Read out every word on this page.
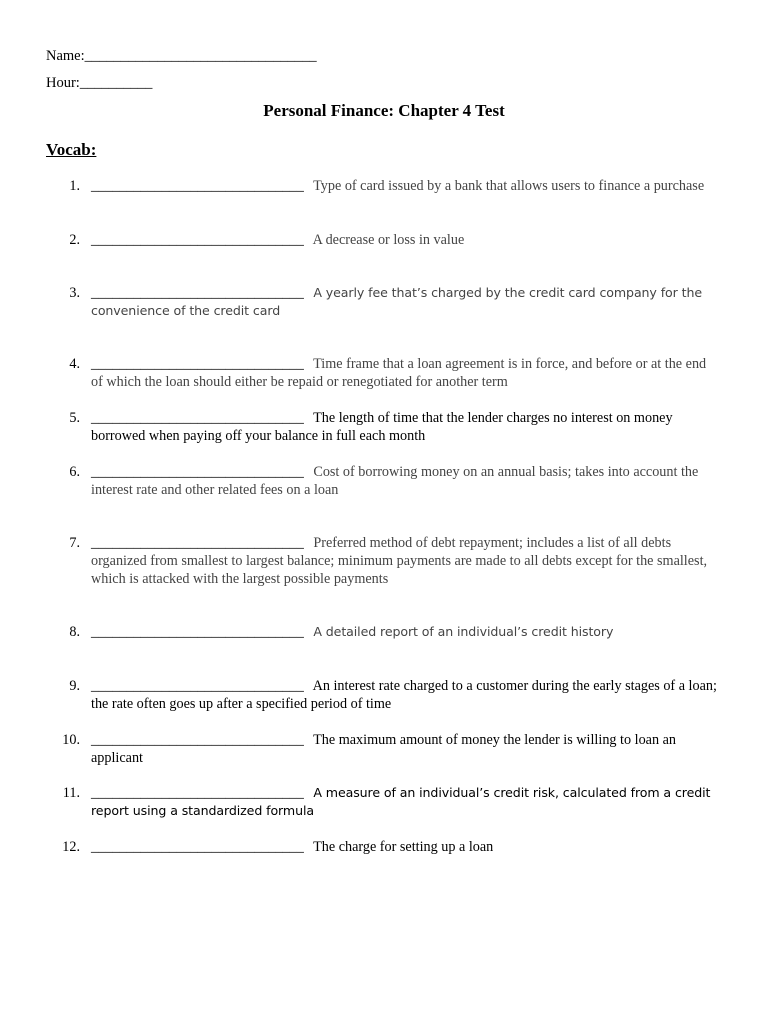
Name:________________________________
Hour:__________
Personal Finance: Chapter 4 Test
Vocab:
1. ______________________________ Type of card issued by a bank that allows users to finance a purchase
2. ______________________________ A decrease or loss in value
3. ______________________________ A yearly fee that’s charged by the credit card company for the convenience of the credit card
4. ______________________________ Time frame that a loan agreement is in force, and before or at the end of which the loan should either be repaid or renegotiated for another term
5. ______________________________ The length of time that the lender charges no interest on money borrowed when paying off your balance in full each month
6. ______________________________ Cost of borrowing money on an annual basis; takes into account the interest rate and other related fees on a loan
7. ______________________________ Preferred method of debt repayment; includes a list of all debts organized from smallest to largest balance; minimum payments are made to all debts except for the smallest, which is attacked with the largest possible payments
8. ______________________________ A detailed report of an individual’s credit history
9. ______________________________ An interest rate charged to a customer during the early stages of a loan; the rate often goes up after a specified period of time
10. ______________________________ The maximum amount of money the lender is willing to loan an applicant
11. ______________________________ A measure of an individual’s credit risk, calculated from a credit report using a standardized formula
12. ______________________________ The charge for setting up a loan
